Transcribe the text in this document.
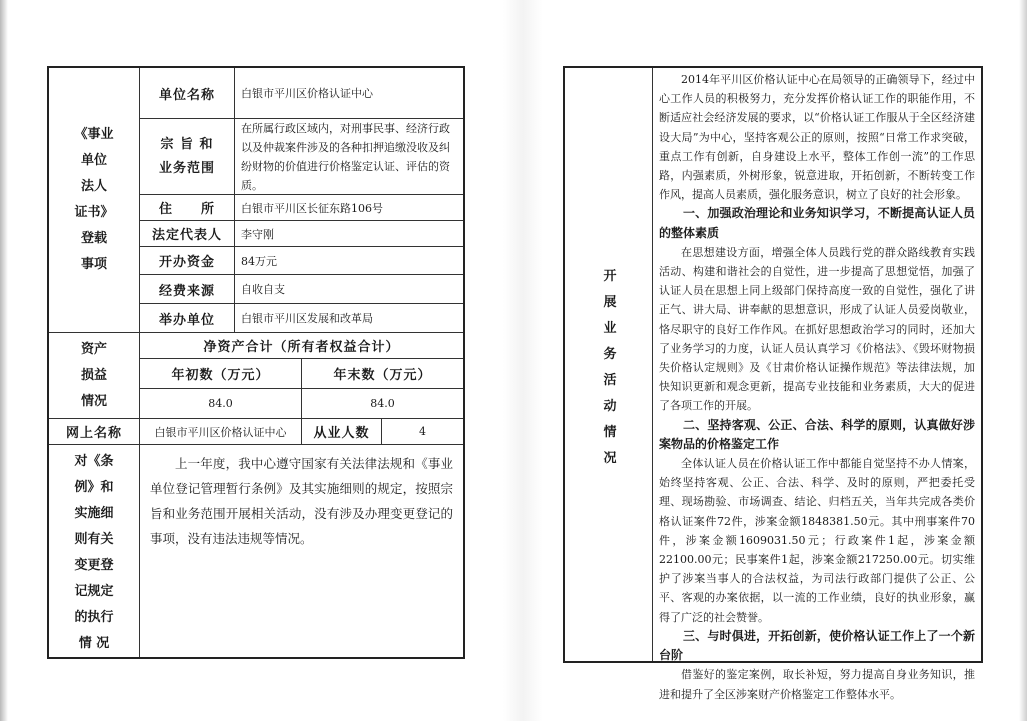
《事业
单位
法人
证书》
登载
事项
单位名称	白银市平川区价格认证中心
宗 旨 和
业务范围
在所属行政区域内，对刑事民事、经济行政以及仲裁案件涉及的各种扣押追缴没收及纠纷财物的价值进行价格鉴定认证、评估的资质。
住　　所	白银市平川区长征东路106号
法定代表人	李守刚
开办资金	84万元
经费来源	自收自支
举办单位	白银市平川区发展和改革局
资产
损益
情况
净资产合计（所有者权益合计）
年初数（万元）	年末数（万元）
84.0	84.0
网上名称	白银市平川区价格认证中心	从业人数	4
对《条
例》和
实施细
则有关
变更登
记规定
的执行
情 况
上一年度，我中心遵守国家有关法律法规和《事业单位登记管理暂行条例》及其实施细则的规定，按照宗旨和业务范围开展相关活动，没有涉及办理变更登记的事项，没有违法违规等情况。
开
展
业
务
活
动
情
况

2014年平川区价格认证中心在局领导的正确领导下，经过中心工作人员的积极努力，充分发挥价格认证工作的职能作用，不断适应社会经济发展的要求，以“价格认证工作服从于全区经济建设大局”为中心，坚持客观公正的原则，按照“日常工作求突破，重点工作有创新，自身建设上水平，整体工作创一流”的工作思路，内强素质，外树形象，锐意进取，开拓创新，不断转变工作作风，提高人员素质，强化服务意识，树立了良好的社会形象。

一、加强政治理论和业务知识学习，不断提高认证人员的整体素质

在思想建设方面，增强全体人员践行党的群众路线教育实践活动、构建和谐社会的自觉性，进一步提高了思想觉悟，加强了认证人员在思想上同上级部门保持高度一致的自觉性，强化了讲正气、讲大局、讲奉献的思想意识，形成了认证人员爱岗敬业，恪尽职守的良好工作作风。在抓好思想政治学习的同时，还加大了业务学习的力度，认证人员认真学习《价格法》、《毁坏财物损失价格认定规则》及《甘肃价格认证操作规范》等法律法规，加快知识更新和观念更新，提高专业技能和业务素质，大大的促进了各项工作的开展。

二、坚持客观、公正、合法、科学的原则，认真做好涉案物品的价格鉴定工作

全体认证人员在价格认证工作中都能自觉坚持不办人情案，始终坚持客观、公正、合法、科学、及时的原则，严把委托受理、现场勘验、市场调查、结论、归档五关，当年共完成各类价格认证案件72件，涉案金额1848381.50元。其中刑事案件70件，涉案金额1609031.50元；行政案件1起，涉案金额22100.00元；民事案件1起，涉案金额217250.00元。切实维护了涉案当事人的合法权益，为司法行政部门提供了公正、公平、客观的办案依据，以一流的工作业绩，良好的执业形象，赢得了广泛的社会赞誉。

三、与时俱进，开拓创新，使价格认证工作上了一个新台阶

借鉴好的鉴定案例，取长补短，努力提高自身业务知识，推进和提升了全区涉案财产价格鉴定工作整体水平。
